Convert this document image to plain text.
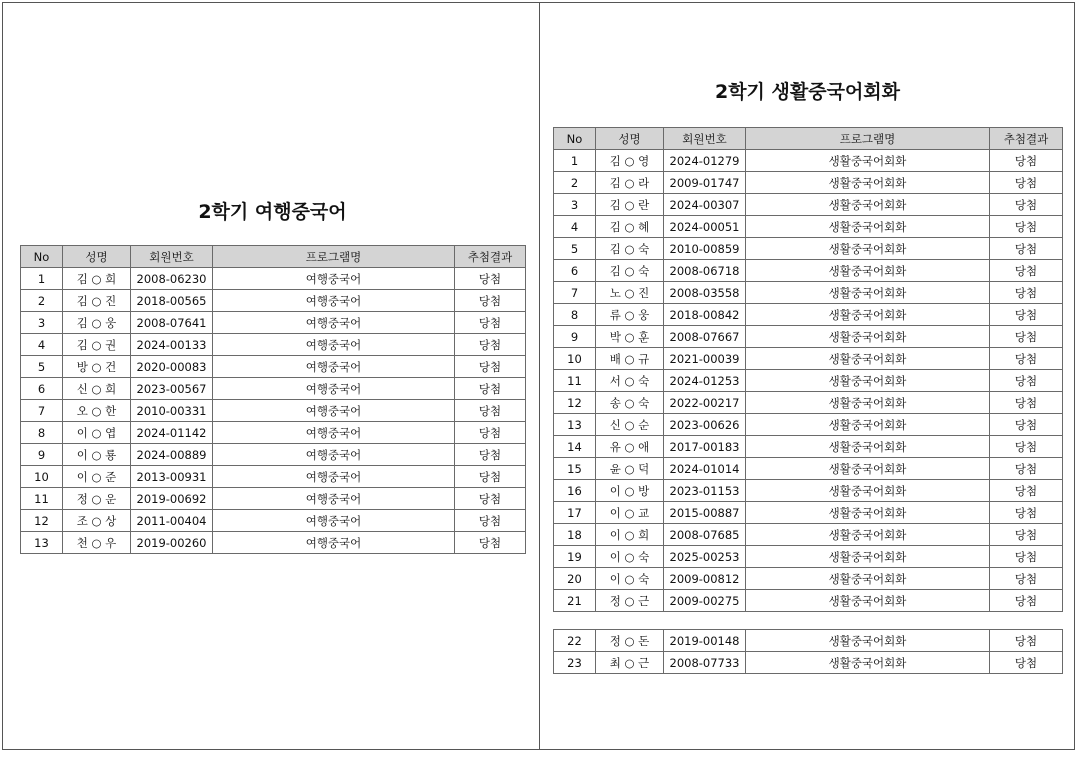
2학기 여행중국어
No	성명	회원번호	프로그램명	추첨결과
1	김 ○ 희	2008-06230	여행중국어	당첨
2	김 ○ 진	2018-00565	여행중국어	당첨
3	김 ○ 웅	2008-07641	여행중국어	당첨
4	김 ○ 권	2024-00133	여행중국어	당첨
5	방 ○ 건	2020-00083	여행중국어	당첨
6	신 ○ 희	2023-00567	여행중국어	당첨
7	오 ○ 한	2010-00331	여행중국어	당첨
8	이 ○ 엽	2024-01142	여행중국어	당첨
9	이 ○ 룡	2024-00889	여행중국어	당첨
10	이 ○ 준	2013-00931	여행중국어	당첨
11	정 ○ 운	2019-00692	여행중국어	당첨
12	조 ○ 상	2011-00404	여행중국어	당첨
13	천 ○ 우	2019-00260	여행중국어	당첨
2학기 생활중국어회화
No	성명	회원번호	프로그램명	추첨결과
1	김 ○ 영	2024-01279	생활중국어회화	당첨
2	김 ○ 라	2009-01747	생활중국어회화	당첨
3	김 ○ 란	2024-00307	생활중국어회화	당첨
4	김 ○ 혜	2024-00051	생활중국어회화	당첨
5	김 ○ 숙	2010-00859	생활중국어회화	당첨
6	김 ○ 숙	2008-06718	생활중국어회화	당첨
7	노 ○ 진	2008-03558	생활중국어회화	당첨
8	류 ○ 웅	2018-00842	생활중국어회화	당첨
9	박 ○ 훈	2008-07667	생활중국어회화	당첨
10	배 ○ 규	2021-00039	생활중국어회화	당첨
11	서 ○ 숙	2024-01253	생활중국어회화	당첨
12	송 ○ 숙	2022-00217	생활중국어회화	당첨
13	신 ○ 순	2023-00626	생활중국어회화	당첨
14	유 ○ 애	2017-00183	생활중국어회화	당첨
15	윤 ○ 덕	2024-01014	생활중국어회화	당첨
16	이 ○ 방	2023-01153	생활중국어회화	당첨
17	이 ○ 교	2015-00887	생활중국어회화	당첨
18	이 ○ 희	2008-07685	생활중국어회화	당첨
19	이 ○ 숙	2025-00253	생활중국어회화	당첨
20	이 ○ 숙	2009-00812	생활중국어회화	당첨
21	정 ○ 근	2009-00275	생활중국어회화	당첨
22	정 ○ 돈	2019-00148	생활중국어회화	당첨
23	최 ○ 근	2008-07733	생활중국어회화	당첨
